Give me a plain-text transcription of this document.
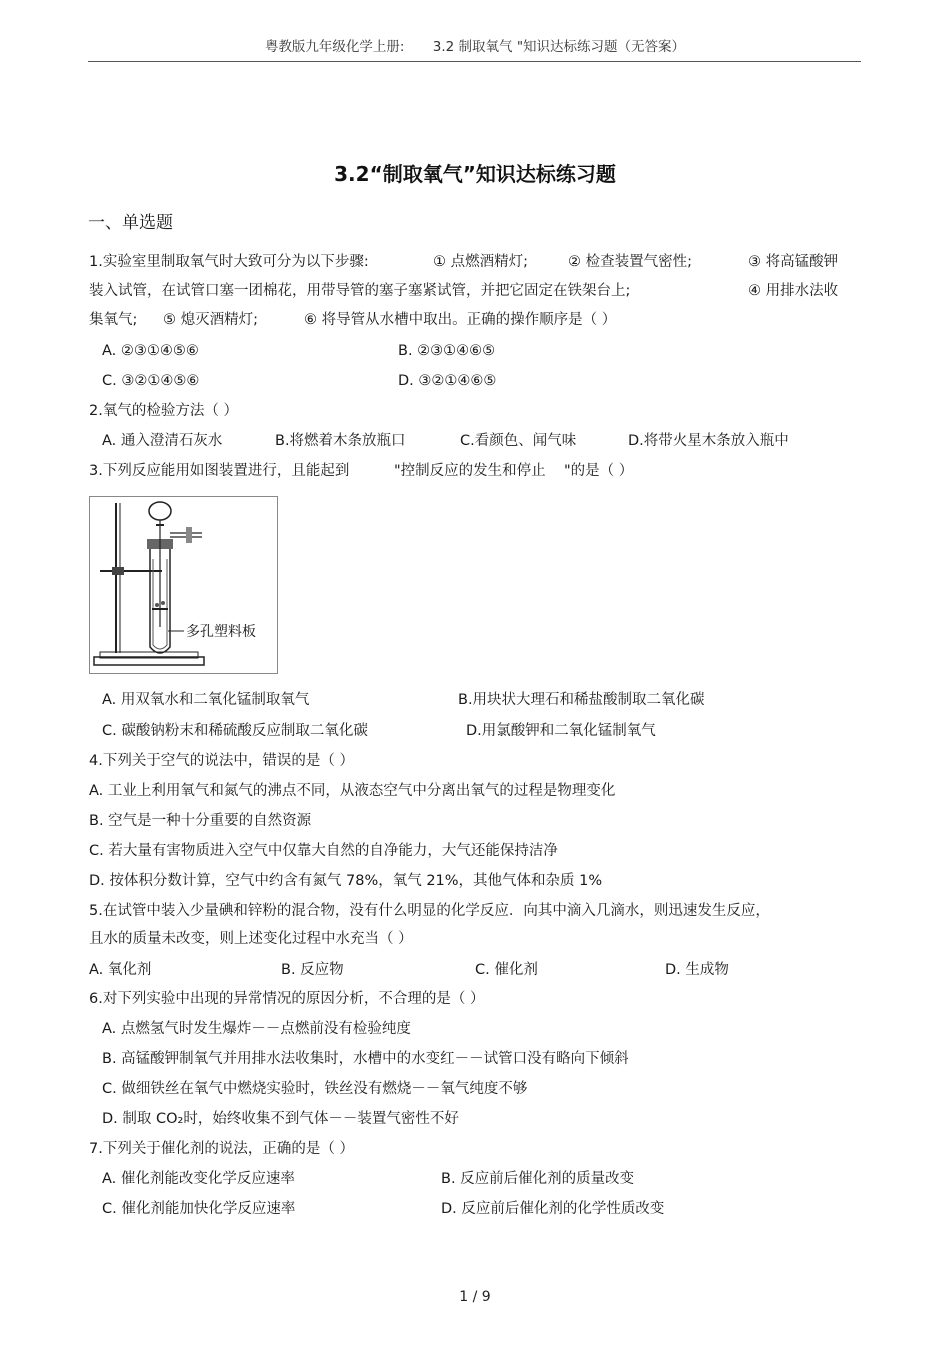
粤教版九年级化学上册: 3.2 制取氧气 "知识达标练习题（无答案）
3.2“制取氧气”知识达标练习题
一、单选题
1.实验室里制取氧气时大致可分为以下步骤:	① 点燃酒精灯;	② 检查装置气密性;	③ 将高锰酸钾
装入试管，在试管口塞一团棉花，用带导管的塞子塞紧试管，并把它固定在铁架台上;	④ 用排水法收
集氧气; ⑤ 熄灭酒精灯;	⑥ 将导管从水槽中取出。正确的操作顺序是（ ）
A. ②③①④⑤⑥	B. ②③①④⑥⑤
C. ③②①④⑤⑥	D. ③②①④⑥⑤
2.氧气的检验方法（ ）
A. 通入澄清石灰水	B.将燃着木条放瓶口	C.看颜色、闻气味	D.将带火星木条放入瓶中
3.下列反应能用如图装置进行，且能起到	"控制反应的发生和停止 "的是（ ）
多孔塑料板
A. 用双氧水和二氧化锰制取氧气	B.用块状大理石和稀盐酸制取二氧化碳
C. 碳酸钠粉末和稀硫酸反应制取二氧化碳	D.用氯酸钾和二氧化锰制氧气
4.下列关于空气的说法中，错误的是（ ）
A. 工业上利用氧气和氮气的沸点不同，从液态空气中分离出氧气的过程是物理变化
B. 空气是一种十分重要的自然资源
C. 若大量有害物质进入空气中仅靠大自然的自净能力，大气还能保持洁净
D. 按体积分数计算，空气中约含有氮气 78%，氧气 21%，其他气体和杂质 1%
5.在试管中装入少量碘和锌粉的混合物，没有什么明显的化学反应．向其中滴入几滴水，则迅速发生反应，
且水的质量未改变，则上述变化过程中水充当（ ）
A. 氧化剂	B. 反应物	C. 催化剂	D. 生成物
6.对下列实验中出现的异常情况的原因分析，不合理的是（ ）
A. 点燃氢气时发生爆炸－－点燃前没有检验纯度
B. 高锰酸钾制氧气并用排水法收集时，水槽中的水变红－－试管口没有略向下倾斜
C. 做细铁丝在氧气中燃烧实验时，铁丝没有燃烧－－氧气纯度不够
D. 制取 CO₂时，始终收集不到气体－－装置气密性不好
7.下列关于催化剂的说法，正确的是（ ）
A. 催化剂能改变化学反应速率	B. 反应前后催化剂的质量改变
C. 催化剂能加快化学反应速率	D. 反应前后催化剂的化学性质改变
1 / 9
